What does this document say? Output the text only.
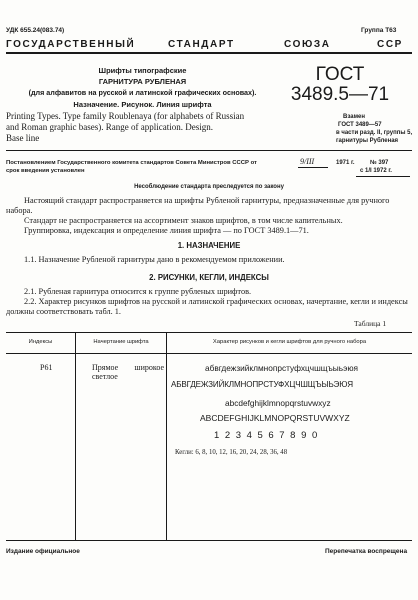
УДК 655.24(083.74)	Группа Т63
ГОСУДАРСТВЕННЫЙ	СТАНДАРТ	СОЮЗА	ССР
Шрифты типографские
ГАРНИТУРА РУБЛЕНАЯ
(для алфавитов на русской и латинской графических основах).
Назначение. Рисунок. Линия шрифта
Printing Types. Type family Roublenaya (for alphabets of Russian
and Roman graphic bases). Range of application. Design.
Base line
ГОСТ
3489.5—71
Взамен
ГОСТ 3489—57
в части разд. II, группы 5,
гарнитуры Рубленая
Постановлением Государственного комитета стандартов Совета Министров СССР от	9/III	1971 г.	№ 397
срок введения установлен	с 1/I 1972 г.
Несоблюдение стандарта преследуется по закону
Настоящий стандарт распространяется на шрифты Рубленой гарнитуры, предназначенные для ручного набора.
Стандарт не распространяется на ассортимент знаков шрифтов, в том числе капительных.
Группировка, индексация и определение линия шрифта — по ГОСТ 3489.1—71.
1. НАЗНАЧЕНИЕ
1.1. Назначение Рубленой гарнитуры дано в рекомендуемом приложении.
2. РИСУНКИ, КЕГЛИ, ИНДЕКСЫ
2.1. Рубленая гарнитура относится к группе рубленых шрифтов.
2.2. Характер рисунков шрифтов на русской и латинской графических основах, начертание, кегли и индексы должны соответствовать табл. 1.
Таблица 1
Индексы	Начертание шрифта	Характер рисунков и кегли шрифтов для ручного набора
Р61	Прямое широкое светлое
абвгдежзийклмнопрстуфхцчшщъыьэюя
АБВГДЕЖЗИЙКЛМНОПРСТУФХЦЧШЩЪЫЬЭЮЯ
abcdefghijklmnopqrstuvwxyz
ABCDEFGHIJKLMNOPQRSTUVWXYZ
1234567890
Кегли: 6, 8, 10, 12, 16, 20, 24, 28, 36, 48
Издание официальное	Перепечатка воспрещена
